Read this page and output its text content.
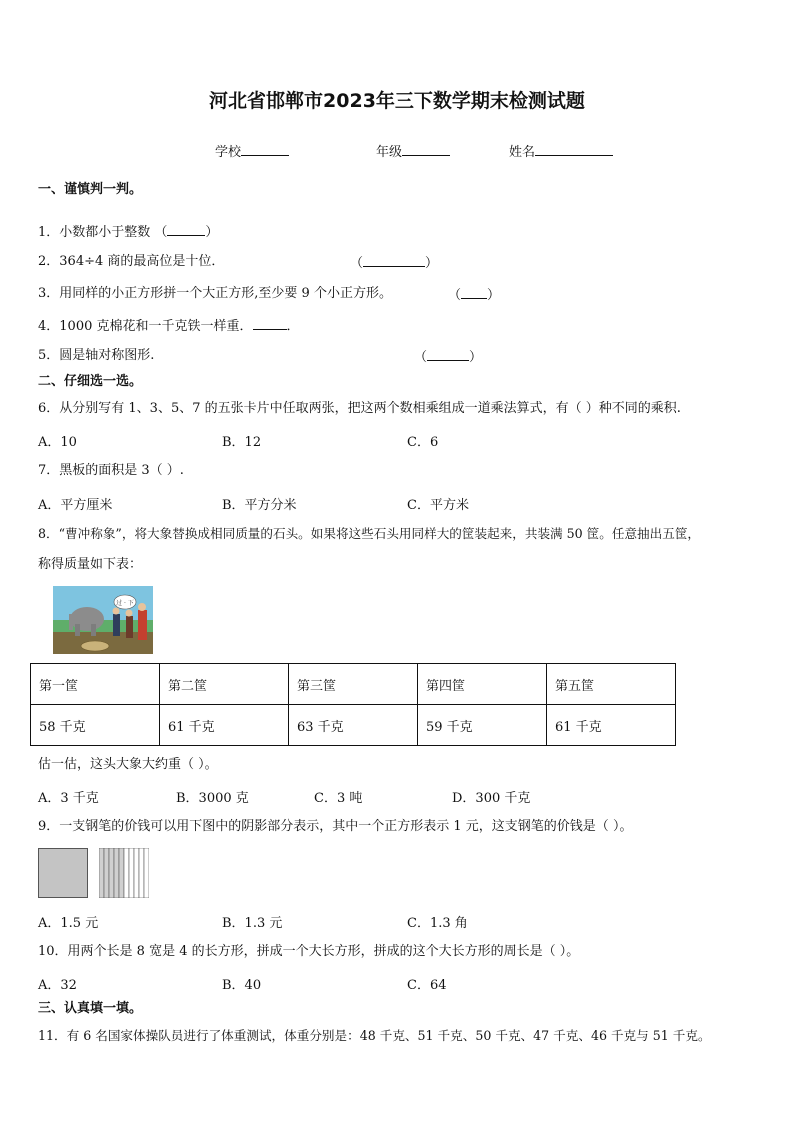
河北省邯郸市2023年三下数学期末检测试题
学校	年级	姓名
一、谨慎判一判。
1．小数都小于整数 （	）
2．364÷4 商的最高位是十位．	（	）
3．用同样的小正方形拼一个大正方形,至少要 9 个小正方形。	（ ）
4．1000 克棉花和一千克铁一样重．	．
5．圆是轴对称图形.	（	）
二、仔细选一选。
6．从分别写有 1、3、5、7 的五张卡片中任取两张，把这两个数相乘组成一道乘法算式，有（ ）种不同的乘积.
A．10	B．12	C．6
7．黑板的面积是 3（ ）.
A．平方厘米	B．平方分米	C．平方米
8．“曹冲称象”，将大象替换成相同质量的石头。如果将这些石头用同样大的筐装起来，共装满 50 筐。任意抽出五筐，
称得质量如下表：
过 · 下
第一筐	第二筐	第三筐	第四筐	第五筐
58 千克	61 千克	63 千克	59 千克	61 千克
估一估，这头大象大约重（ ）。
A．3 千克	B．3000 克	C．3 吨	D．300 千克
9．一支钢笔的价钱可以用下图中的阴影部分表示，其中一个正方形表示 1 元，这支钢笔的价钱是（ ）。
A．1.5 元	B．1.3 元	C．1.3 角
10．用两个长是 8 宽是 4 的长方形，拼成一个大长方形，拼成的这个大长方形的周长是（ ）。
A．32	B．40	C．64
三、认真填一填。
11．有 6 名国家体操队员进行了体重测试，体重分别是：48 千克、51 千克、50 千克、47 千克、46 千克与 51 千克。
